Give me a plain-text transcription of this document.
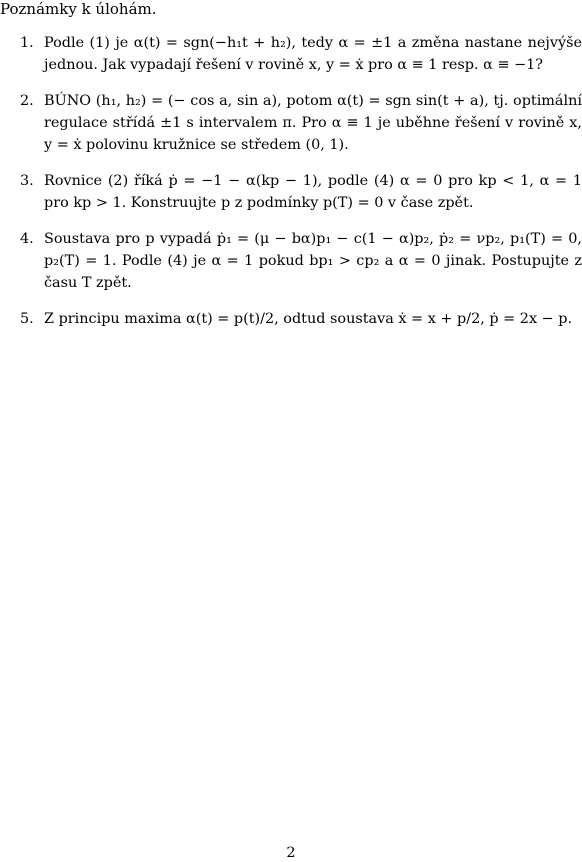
Poznámky k úlohám.
1. Podle (1) je α(t) = sgn(−h₁t + h₂), tedy α = ±1 a změna nastane nejvýše jednou. Jak vypadají řešení v rovině x, y = ẋ pro α ≡ 1 resp. α ≡ −1?
2. BÚNO (h₁, h₂) = (− cos a, sin a), potom α(t) = sgn sin(t + a), tj. optimální regulace střídá ±1 s intervalem π. Pro α ≡ 1 je uběhne řešení v rovině x, y = ẋ polovinu kružnice se středem (0, 1).
3. Rovnice (2) říká ṗ = −1 − α(kp − 1), podle (4) α = 0 pro kp < 1, α = 1 pro kp > 1. Konstruujte p z podmínky p(T) = 0 v čase zpět.
4. Soustava pro p vypadá ṗ₁ = (μ − bα)p₁ − c(1 − α)p₂, ṗ₂ = νp₂, p₁(T) = 0, p₂(T) = 1. Podle (4) je α = 1 pokud bp₁ > cp₂ a α = 0 jinak. Postupujte z času T zpět.
5. Z principu maxima α(t) = p(t)/2, odtud soustava ẋ = x + p/2, ṗ = 2x − p.
2
